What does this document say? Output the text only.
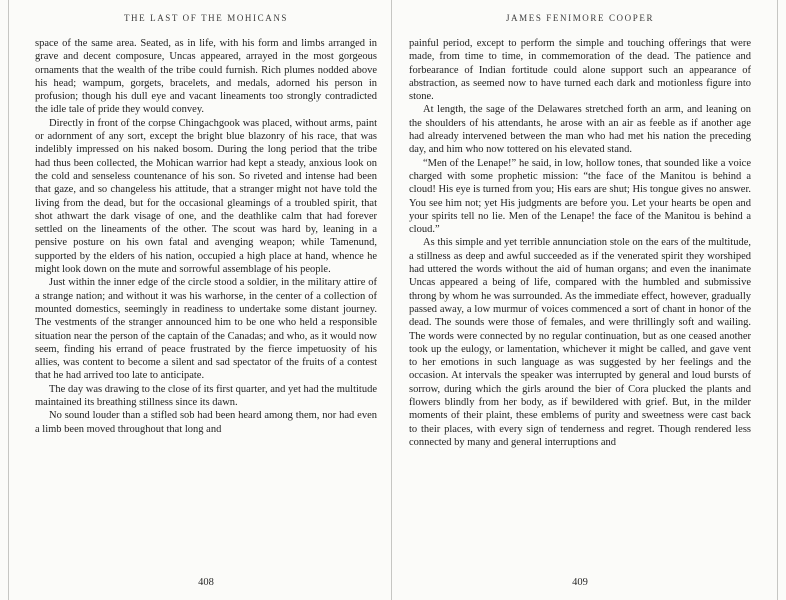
THE LAST OF THE MOHICANS

space of the same area. Seated, as in life, with his form and limbs arranged in grave and decent composure, Uncas appeared, arrayed in the most gorgeous ornaments that the wealth of the tribe could furnish. Rich plumes nodded above his head; wampum, gorgets, bracelets, and medals, adorned his person in profusion; though his dull eye and vacant lineaments too strongly contradicted the idle tale of pride they would convey.

Directly in front of the corpse Chingachgook was placed, without arms, paint or adornment of any sort, except the bright blue blazonry of his race, that was indelibly impressed on his naked bosom. During the long period that the tribe had thus been collected, the Mohican warrior had kept a steady, anxious look on the cold and senseless countenance of his son. So riveted and intense had been that gaze, and so changeless his attitude, that a stranger might not have told the living from the dead, but for the occasional gleamings of a troubled spirit, that shot athwart the dark visage of one, and the deathlike calm that had forever settled on the lineaments of the other. The scout was hard by, leaning in a pensive posture on his own fatal and avenging weapon; while Tamenund, supported by the elders of his nation, occupied a high place at hand, whence he might look down on the mute and sorrowful assemblage of his people.

Just within the inner edge of the circle stood a soldier, in the military attire of a strange nation; and without it was his warhorse, in the center of a collection of mounted domestics, seemingly in readiness to undertake some distant journey. The vestments of the stranger announced him to be one who held a responsible situation near the person of the captain of the Canadas; and who, as it would now seem, finding his errand of peace frustrated by the fierce impetuosity of his allies, was content to become a silent and sad spectator of the fruits of a contest that he had arrived too late to anticipate.

The day was drawing to the close of its first quarter, and yet had the multitude maintained its breathing stillness since its dawn.

No sound louder than a stifled sob had been heard among them, nor had even a limb been moved throughout that long and

408
JAMES FENIMORE COOPER

painful period, except to perform the simple and touching offerings that were made, from time to time, in commemoration of the dead. The patience and forbearance of Indian fortitude could alone support such an appearance of abstraction, as seemed now to have turned each dark and motionless figure into stone.

At length, the sage of the Delawares stretched forth an arm, and leaning on the shoulders of his attendants, he arose with an air as feeble as if another age had already intervened between the man who had met his nation the preceding day, and him who now tottered on his elevated stand.

“Men of the Lenape!” he said, in low, hollow tones, that sounded like a voice charged with some prophetic mission: “the face of the Manitou is behind a cloud! His eye is turned from you; His ears are shut; His tongue gives no answer. You see him not; yet His judgments are before you. Let your hearts be open and your spirits tell no lie. Men of the Lenape! the face of the Manitou is behind a cloud.”

As this simple and yet terrible annunciation stole on the ears of the multitude, a stillness as deep and awful succeeded as if the venerated spirit they worshiped had uttered the words without the aid of human organs; and even the inanimate Uncas appeared a being of life, compared with the humbled and submissive throng by whom he was surrounded. As the immediate effect, however, gradually passed away, a low murmur of voices commenced a sort of chant in honor of the dead. The sounds were those of females, and were thrillingly soft and wailing. The words were connected by no regular continuation, but as one ceased another took up the eulogy, or lamentation, whichever it might be called, and gave vent to her emotions in such language as was suggested by her feelings and the occasion. At intervals the speaker was interrupted by general and loud bursts of sorrow, during which the girls around the bier of Cora plucked the plants and flowers blindly from her body, as if bewildered with grief. But, in the milder moments of their plaint, these emblems of purity and sweetness were cast back to their places, with every sign of tenderness and regret. Though rendered less connected by many and general interruptions and

409
